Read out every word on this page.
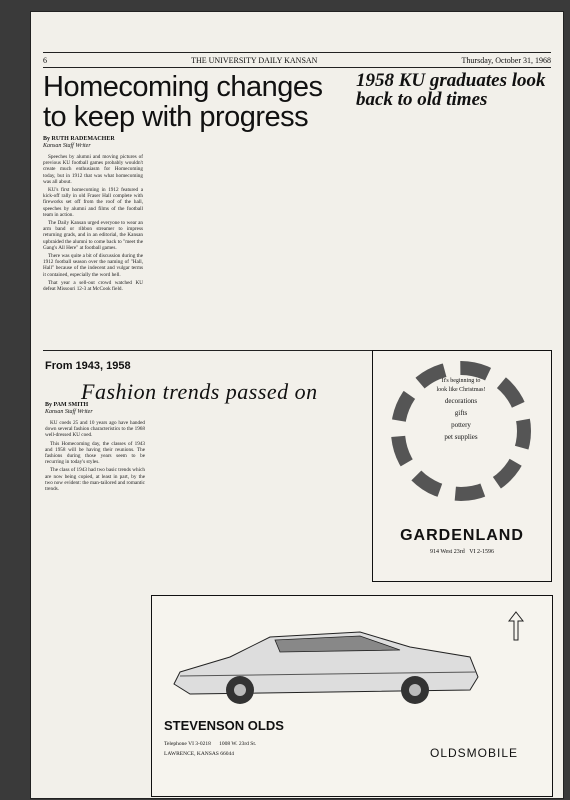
6	THE UNIVERSITY DAILY KANSAN	Thursday, October 31, 1968
Homecoming changes to keep with progress
By RUTH RADEMACHER
Kansan Staff Writer

Speeches by alumni and moving pictures of previous KU football games probably wouldn't create much enthusiasm for Homecoming today, but in 1912 that was what homecoming was all about.

KU's first homecoming in 1912 featured a kick-off rally in old Fraser Hall complete with fireworks set off from the roof of the hall, speeches by alumni and films of the football team in action.

The Daily Kansan urged everyone to wear an arm band or ribbon streamer to impress returning grads, and in an editorial, the Kansan upbraided the alumni to come back to "meet the Gang's All Here" at football games.

There was quite a bit of discussion during the 1912 football season over the naming of "Hall, Hall" because of the indecent and vulgar terms it contained, especially the word hell.

That year a sell-out crowd watched KU defeat Missouri 12-3 at McCook field.

1958 KU graduates look back to old times
From 1943, 1958
Fashion trends passed on
By PAM SMITH
Kansan Staff Writer

KU coeds 25 and 10 years ago have handed down several fashion characteristics to the 1968 well-dressed KU coed.

This Homecoming day, the classes of 1943 and 1958 will be having their reunions. The fashions during those years seem to be recurring in today's styles.

The class of 1943 had two basic trends which are now being copied, at least in part, by the two now evident: the man-tailored and romantic trends.

It's beginning to
look like Christmas!
decorations
gifts
pottery
pet supplies
GARDENLAND
914 West 23rd VI 2-1596
STEVENSON OLDS
Telephone VI 3-0218 1008 W. 23rd St.
LAWRENCE, KANSAS 66044	OLDSMOBILE
